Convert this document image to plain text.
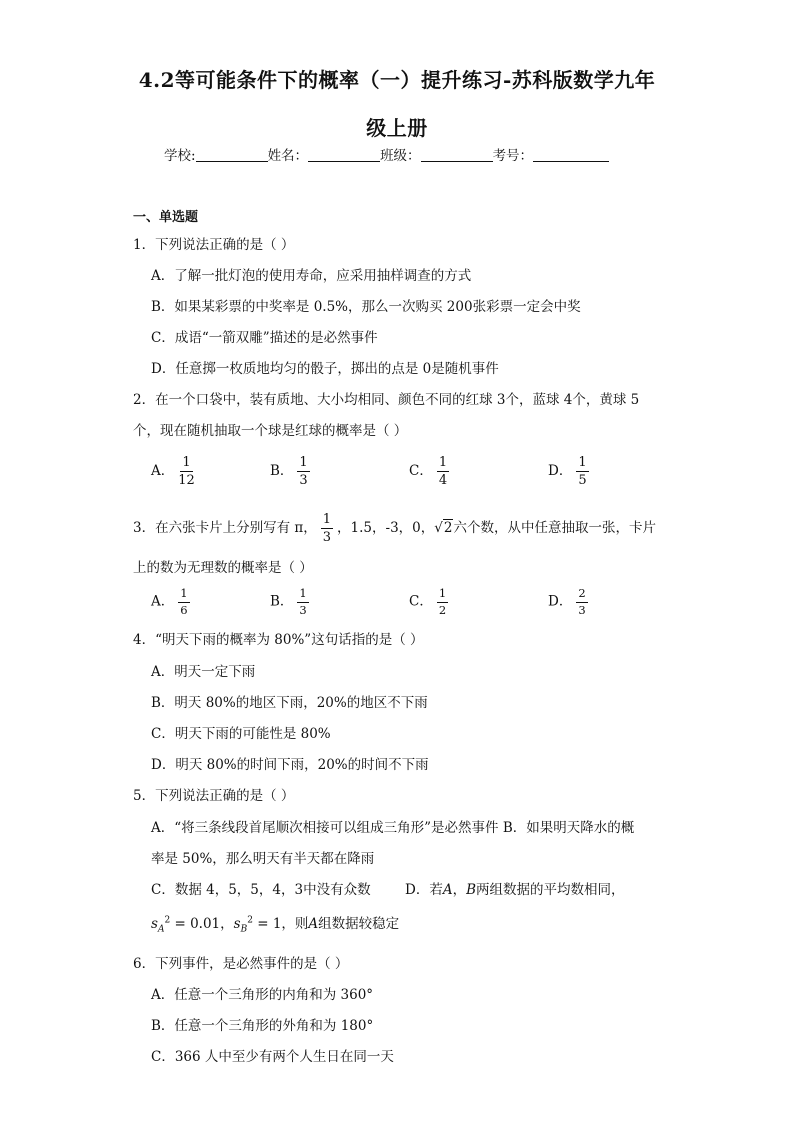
4.2等可能条件下的概率（一）提升练习-苏科版数学九年
级上册
学校:	姓名：	班级：	考号：
一、单选题
1．下列说法正确的是（ ）
A．了解一批灯泡的使用寿命，应采用抽样调查的方式
B．如果某彩票的中奖率是 0.5%，那么一次购买 200张彩票一定会中奖
C．成语“一箭双雕”描述的是必然事件
D．任意掷一枚质地均匀的骰子，掷出的点是 0是随机事件
2．在一个口袋中，装有质地、大小均相同、颜色不同的红球 3个，蓝球 4个，黄球 5
个，现在随机抽取一个球是红球的概率是（ ）
A． $\frac{1}{12}$	B． $\frac{1}{3}$	C． $\frac{1}{4}$	D． $\frac{1}{5}$
3．在六张卡片上分别写有 π， $\frac{1}{3}$ ，1.5，-3，0，√2六个数，从中任意抽取一张，卡片
上的数为无理数的概率是（ ）
A． $\frac{1}{6}$	B． $\frac{1}{3}$	C． $\frac{1}{2}$	D． $\frac{2}{3}$
4．“明天下雨的概率为 80%”这句话指的是（ ）
A．明天一定下雨
B．明天 80%的地区下雨，20%的地区不下雨
C．明天下雨的可能性是 80%
D．明天 80%的时间下雨，20%的时间不下雨
5．下列说法正确的是（ ）
A．“将三条线段首尾顺次相接可以组成三角形”是必然事件 B．如果明天降水的概
率是 50%，那么明天有半天都在降雨
C．数据 4，5，5，4，3中没有众数	D．若A，B两组数据的平均数相同，
$s_A^2 = 0.01$，$s_B^2 = 1$，则A组数据较稳定
6．下列事件，是必然事件的是（ ）
A．任意一个三角形的内角和为 360°
B．任意一个三角形的外角和为 180°
C．366 人中至少有两个人生日在同一天
